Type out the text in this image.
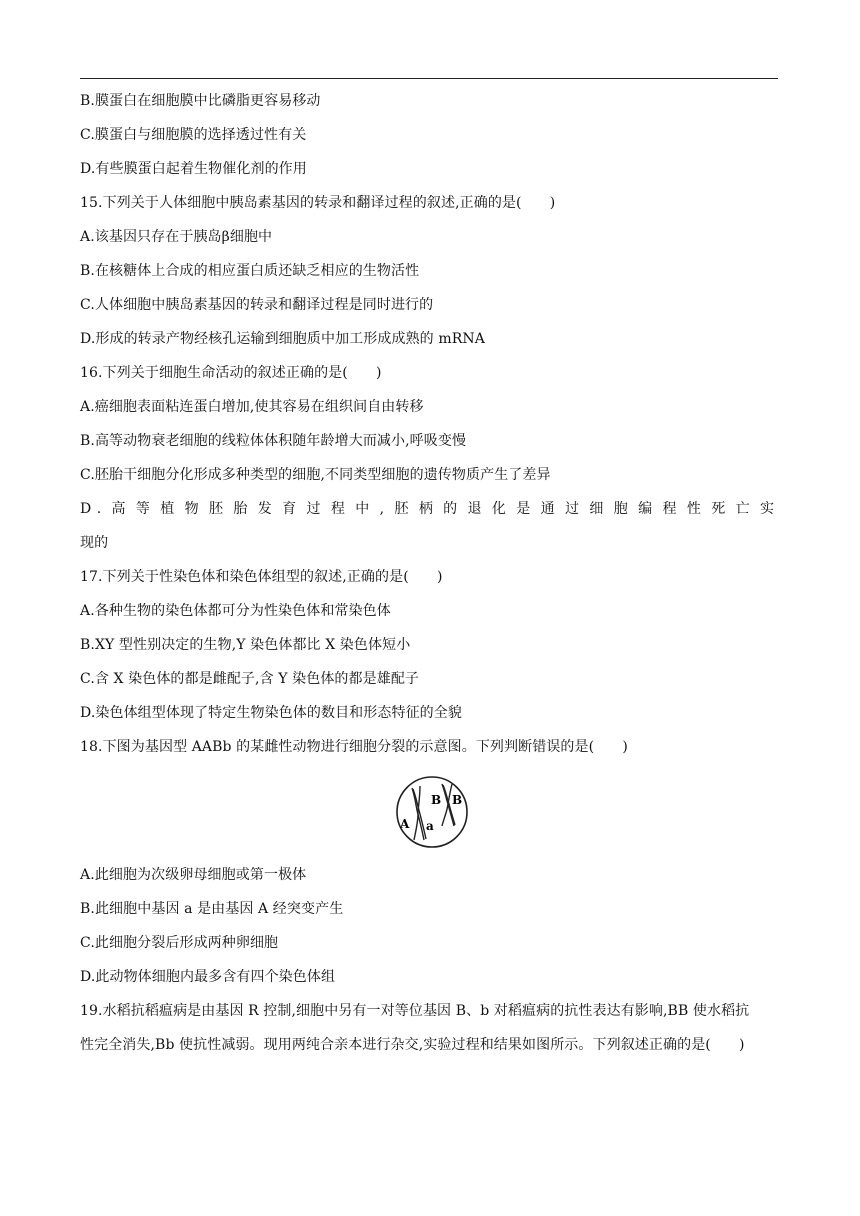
B.膜蛋白在细胞膜中比磷脂更容易移动
C.膜蛋白与细胞膜的选择透过性有关
D.有些膜蛋白起着生物催化剂的作用
15.下列关于人体细胞中胰岛素基因的转录和翻译过程的叙述,正确的是(　　)
A.该基因只存在于胰岛β细胞中
B.在核糖体上合成的相应蛋白质还缺乏相应的生物活性
C.人体细胞中胰岛素基因的转录和翻译过程是同时进行的
D.形成的转录产物经核孔运输到细胞质中加工形成成熟的 mRNA
16.下列关于细胞生命活动的叙述正确的是(　　)
A.癌细胞表面粘连蛋白增加,使其容易在组织间自由转移
B.高等动物衰老细胞的线粒体体积随年龄增大而减小,呼吸变慢
C.胚胎干细胞分化形成多种类型的细胞,不同类型细胞的遗传物质产生了差异
D.高等植物胚胎发育过程中,胚柄的退化是通过细胞编程性死亡实
现的
17.下列关于性染色体和染色体组型的叙述,正确的是(　　)
A.各种生物的染色体都可分为性染色体和常染色体
B.XY 型性别决定的生物,Y 染色体都比 X 染色体短小
C.含 X 染色体的都是雌配子,含 Y 染色体的都是雄配子
D.染色体组型体现了特定生物染色体的数目和形态特征的全貌
18.下图为基因型 AABb 的某雌性动物进行细胞分裂的示意图。下列判断错误的是(　　)
A a
B B
A.此细胞为次级卵母细胞或第一极体
B.此细胞中基因 a 是由基因 A 经突变产生
C.此细胞分裂后形成两种卵细胞
D.此动物体细胞内最多含有四个染色体组
19.水稻抗稻瘟病是由基因 R 控制,细胞中另有一对等位基因 B、b 对稻瘟病的抗性表达有影响,BB 使水稻抗
性完全消失,Bb 使抗性减弱。现用两纯合亲本进行杂交,实验过程和结果如图所示。下列叙述正确的是(　　)
